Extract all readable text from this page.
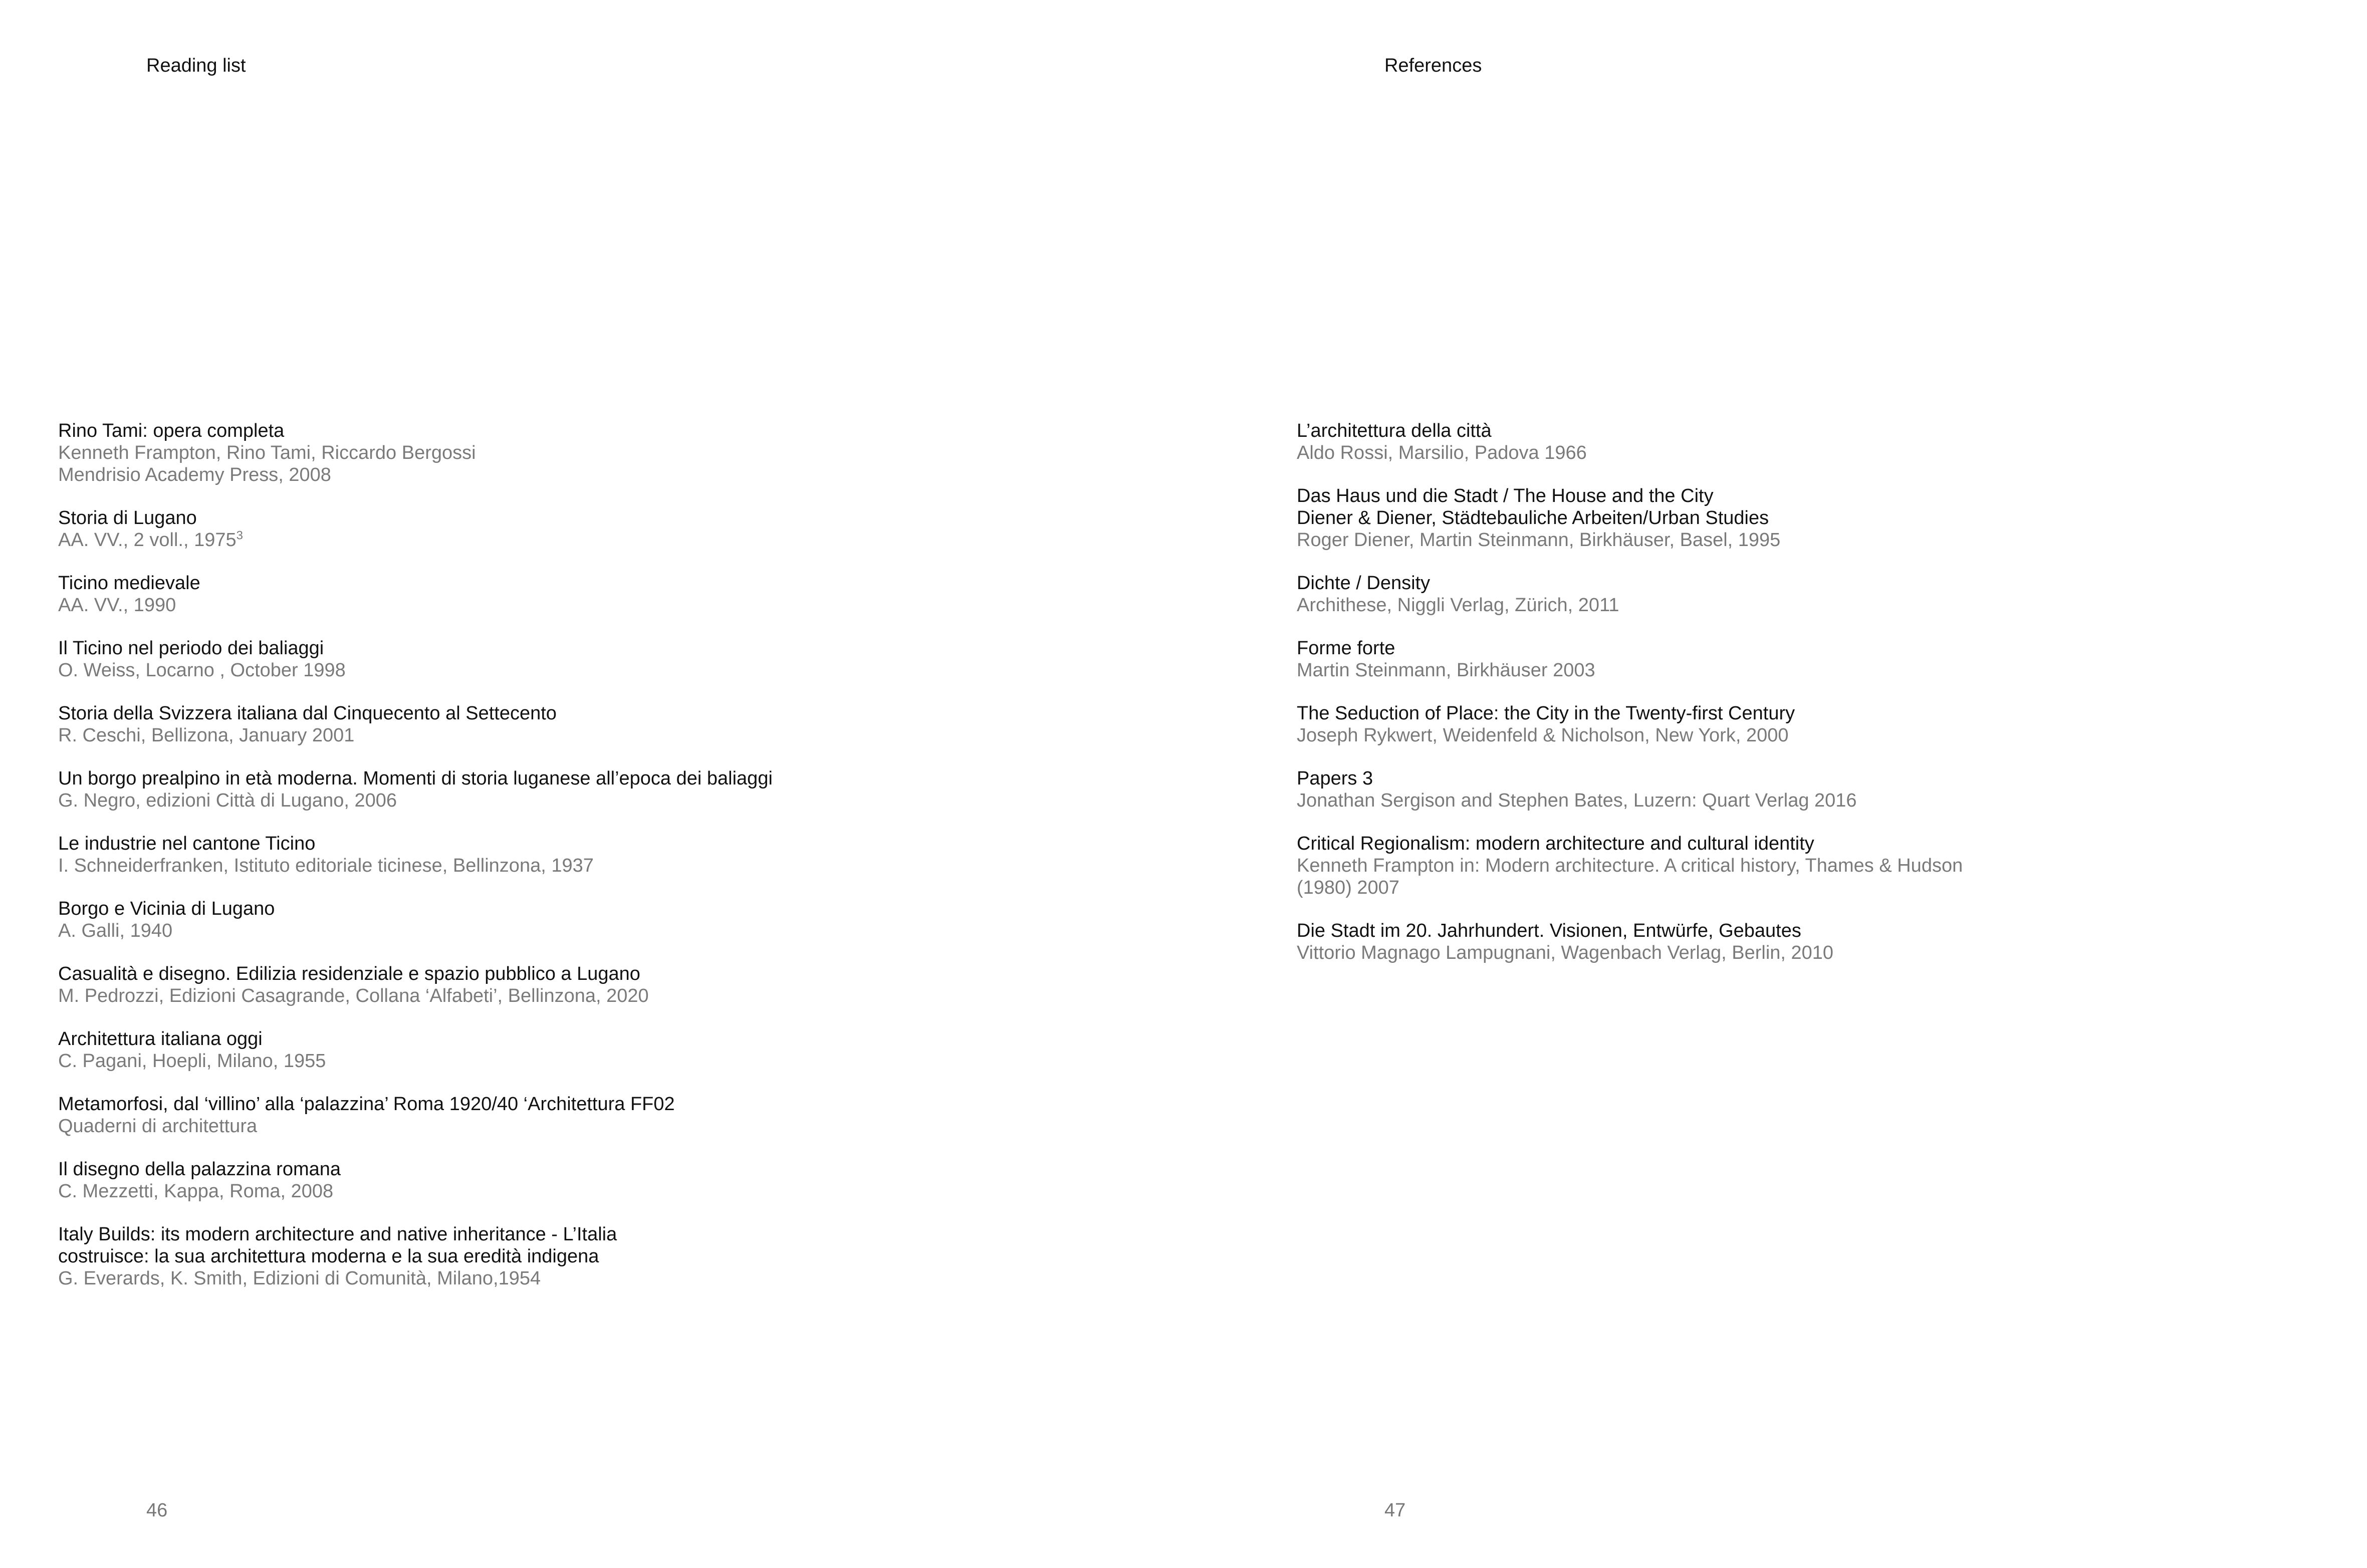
Reading list
Rino Tami: opera completa
Kenneth Frampton, Rino Tami, Riccardo Bergossi
Mendrisio Academy Press, 2008
Storia di Lugano
AA. VV., 2 voll., 1975$^3$
Ticino medievale
AA. VV., 1990
Il Ticino nel periodo dei baliaggi
O. Weiss, Locarno , October 1998
Storia della Svizzera italiana dal Cinquecento al Settecento
R. Ceschi, Bellizona, January 2001
Un borgo prealpino in età moderna. Momenti di storia luganese all’epoca dei baliaggi
G. Negro, edizioni Città di Lugano, 2006
Le industrie nel cantone Ticino
I. Schneiderfranken, Istituto editoriale ticinese, Bellinzona, 1937
Borgo e Vicinia di Lugano
A. Galli, 1940
Casualità e disegno. Edilizia residenziale e spazio pubblico a Lugano
M. Pedrozzi, Edizioni Casagrande, Collana ‘Alfabeti’, Bellinzona, 2020
Architettura italiana oggi
C. Pagani, Hoepli, Milano, 1955
Metamorfosi, dal ‘villino’ alla ‘palazzina’ Roma 1920/40 ‘Architettura FF02
Quaderni di architettura
Il disegno della palazzina romana
C. Mezzetti, Kappa, Roma, 2008
Italy Builds: its modern architecture and native inheritance - L’Italia
costruisce: la sua architettura moderna e la sua eredità indigena
G. Everards, K. Smith, Edizioni di Comunità, Milano,1954
46
References
L’architettura della città
Aldo Rossi, Marsilio, Padova 1966
Das Haus und die Stadt / The House and the City
Diener & Diener, Städtebauliche Arbeiten/Urban Studies
Roger Diener, Martin Steinmann, Birkhäuser, Basel, 1995
Dichte / Density
Archithese, Niggli Verlag, Zürich, 2011
Forme forte
Martin Steinmann, Birkhäuser 2003
The Seduction of Place: the City in the Twenty-first Century
Joseph Rykwert, Weidenfeld & Nicholson, New York, 2000
Papers 3
Jonathan Sergison and Stephen Bates, Luzern: Quart Verlag 2016
Critical Regionalism: modern architecture and cultural identity
Kenneth Frampton in: Modern architecture. A critical history, Thames & Hudson
(1980) 2007
Die Stadt im 20. Jahrhundert. Visionen, Entwürfe, Gebautes
Vittorio Magnago Lampugnani, Wagenbach Verlag, Berlin, 2010
47
